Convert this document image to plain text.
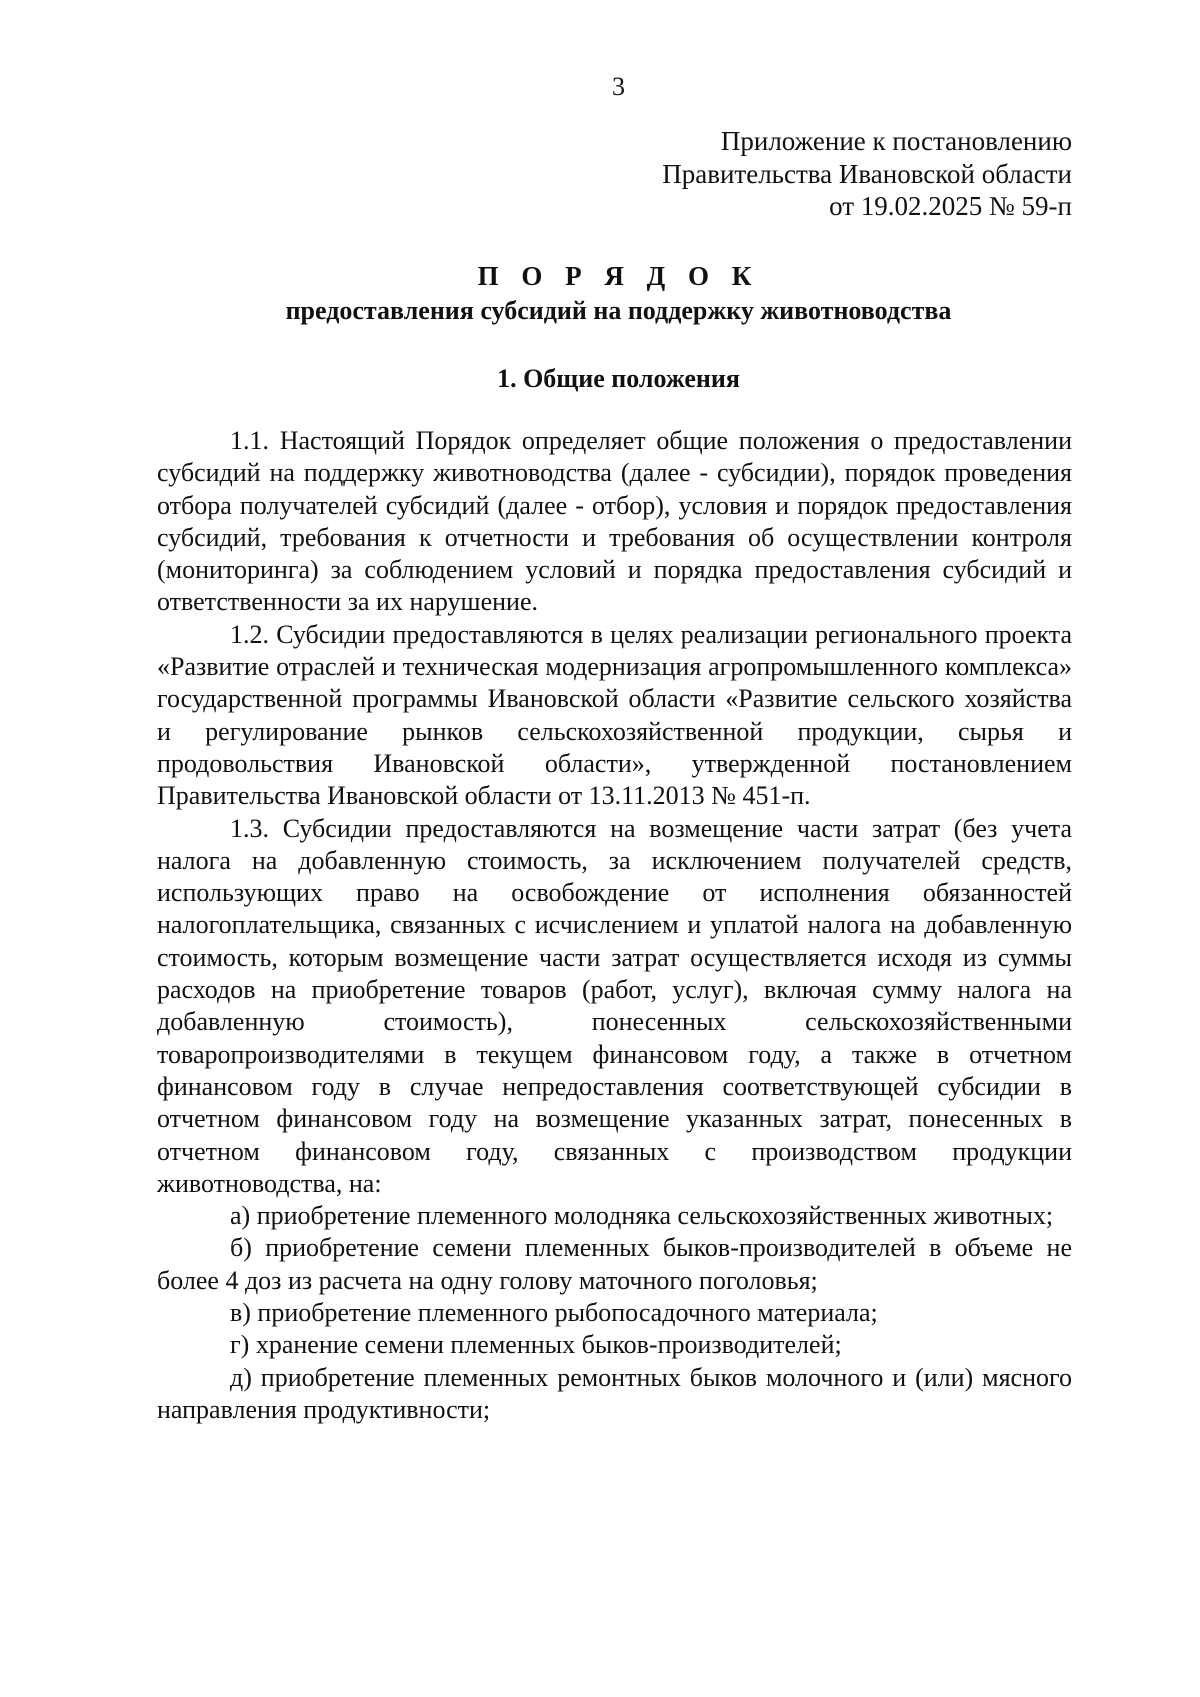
3
Приложение к постановлению
Правительства Ивановской области
от 19.02.2025 № 59-п
П О Р Я Д О К
предоставления субсидий на поддержку животноводства
1. Общие положения

1.1. Настоящий Порядок определяет общие положения о предоставлении субсидий на поддержку животноводства (далее - субсидии), порядок проведения отбора получателей субсидий (далее - отбор), условия и порядок предоставления субсидий, требования к отчетности и требования об осуществлении контроля (мониторинга) за соблюдением условий и порядка предоставления субсидий и ответственности за их нарушение.

1.2. Субсидии предоставляются в целях реализации регионального проекта «Развитие отраслей и техническая модернизация агропромышленного комплекса» государственной программы Ивановской области «Развитие сельского хозяйства и регулирование рынков сельскохозяйственной продукции, сырья и продовольствия Ивановской области», утвержденной постановлением Правительства Ивановской области от 13.11.2013 № 451-п.

1.3. Субсидии предоставляются на возмещение части затрат (без учета налога на добавленную стоимость, за исключением получателей средств, использующих право на освобождение от исполнения обязанностей налогоплательщика, связанных с исчислением и уплатой налога на добавленную стоимость, которым возмещение части затрат осуществляется исходя из суммы расходов на приобретение товаров (работ, услуг), включая сумму налога на добавленную стоимость), понесенных сельскохозяйственными товаропроизводителями в текущем финансовом году, а также в отчетном финансовом году в случае непредоставления соответствующей субсидии в отчетном финансовом году на возмещение указанных затрат, понесенных в отчетном финансовом году, связанных с производством продукции животноводства, на:

а) приобретение племенного молодняка сельскохозяйственных животных;

б) приобретение семени племенных быков-производителей в объеме не более 4 доз из расчета на одну голову маточного поголовья;

в) приобретение племенного рыбопосадочного материала;

г) хранение семени племенных быков-производителей;

д) приобретение племенных ремонтных быков молочного и (или) мясного направления продуктивности;
